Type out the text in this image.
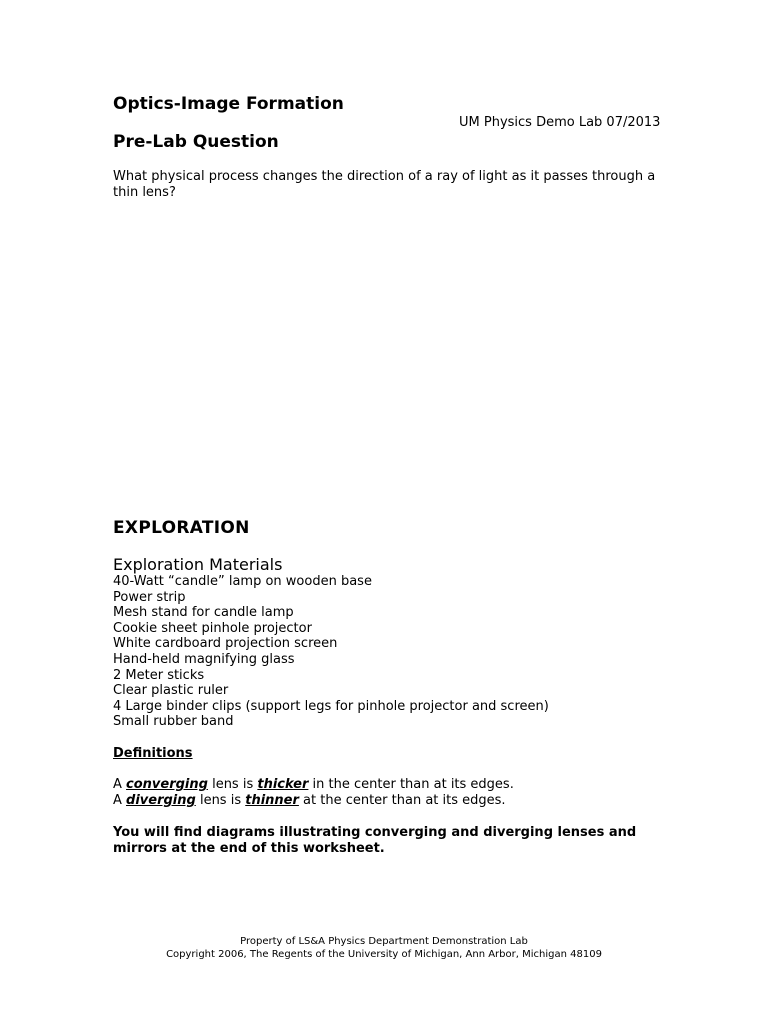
Optics-Image Formation
UM Physics Demo Lab 07/2013
Pre-Lab Question
What physical process changes the direction of a ray of light as it passes through a thin lens?
EXPLORATION
Exploration Materials
40-Watt “candle” lamp on wooden base
Power strip
Mesh stand for candle lamp
Cookie sheet pinhole projector
White cardboard projection screen
Hand-held magnifying glass
2 Meter sticks
Clear plastic ruler
4 Large binder clips (support legs for pinhole projector and screen)
Small rubber band
Definitions
A converging lens is thicker in the center than at its edges.
A diverging lens is thinner at the center than at its edges.
You will find diagrams illustrating converging and diverging lenses and mirrors at the end of this worksheet.
Property of LS&A Physics Department Demonstration Lab
Copyright 2006, The Regents of the University of Michigan, Ann Arbor, Michigan 48109
